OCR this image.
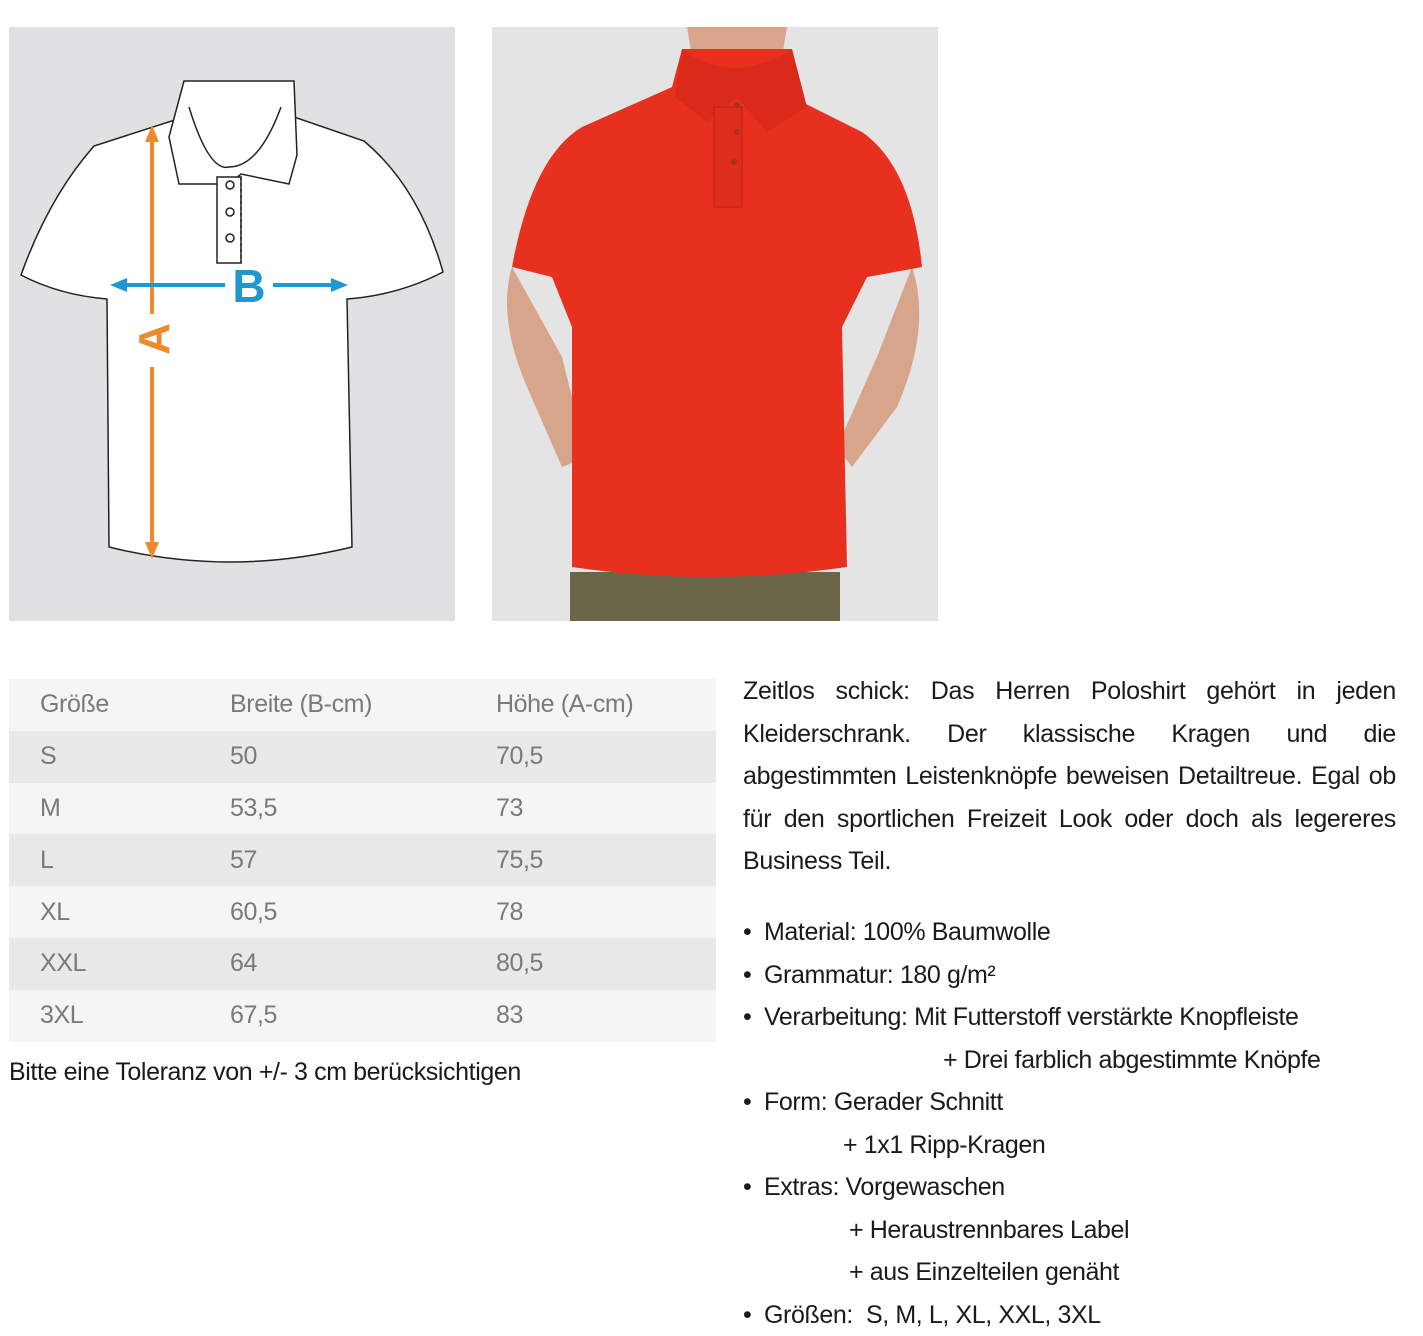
A
B
Größe	Breite (B-cm)	Höhe (A-cm)
S	50	70,5
M	53,5	73
L	57	75,5
XL	60,5	78
XXL	64	80,5
3XL	67,5	83
Bitte eine Toleranz von +/- 3 cm berücksichtigen

Zeitlos schick: Das Herren Poloshirt gehört in jeden Kleiderschrank. Der klassische Kragen und die abgestimmten Leistenknöpfe beweisen Detailtreue. Egal ob für den sportlichen Freizeit Look oder doch als legereres Business Teil.

• Material: 100% Baumwolle
• Grammatur: 180 g/m²
• Verarbeitung: Mit Futterstoff verstärkte Knopfleiste
+ Drei farblich abgestimmte Knöpfe
• Form: Gerader Schnitt
+ 1x1 Ripp-Kragen
• Extras: Vorgewaschen
+ Heraustrennbares Label
+ aus Einzelteilen genäht
• Größen:  S, M, L, XL, XXL, 3XL
